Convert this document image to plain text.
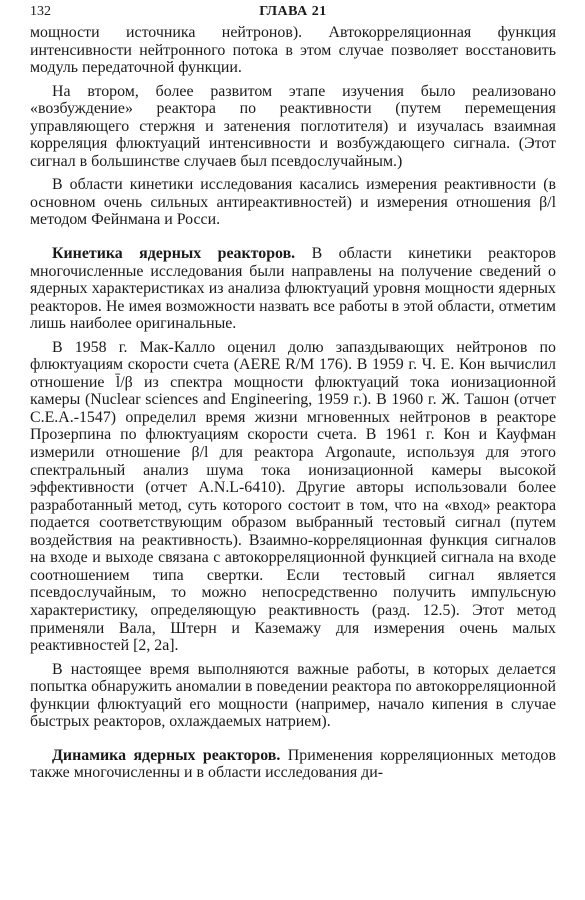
132	ГЛАВА 21

мощности источника нейтронов). Автокорреляционная функция интенсивности нейтронного потока в этом случае позволяет восстановить модуль передаточной функции.

На втором, более развитом этапе изучения было реализовано «возбуждение» реактора по реактивности (путем перемещения управляющего стержня и затенения поглотителя) и изучалась взаимная корреляция флюктуаций интенсивности и возбуждающего сигнала. (Этот сигнал в большинстве случаев был псевдослучайным.)

В области кинетики исследования касались измерения реактивности (в основном очень сильных антиреактивностей) и измерения отношения β/l методом Фейнмана и Росси.

Кинетика ядерных реакторов. В области кинетики реакторов многочисленные исследования были направлены на получение сведений о ядерных характеристиках из анализа флюктуаций уровня мощности ядерных реакторов. Не имея возможности назвать все работы в этой области, отметим лишь наиболее оригинальные.

В 1958 г. Мак-Калло оценил долю запаздывающих нейтронов по флюктуациям скорости счета (AERE R/M 176). В 1959 г. Ч. Е. Кон вычислил отношение l̄/β из спектра мощности флюктуаций тока ионизационной камеры (Nuclear sciences and Engineering, 1959 г.). В 1960 г. Ж. Ташон (отчет C.E.A.-1547) определил время жизни мгновенных нейтронов в реакторе Прозерпина по флюктуациям скорости счета. В 1961 г. Кон и Кауфман измерили отношение β/l для реактора Argonaute, используя для этого спектральный анализ шума тока ионизационной камеры высокой эффективности (отчет A.N.L-6410). Другие авторы использовали более разработанный метод, суть которого состоит в том, что на «вход» реактора подается соответствующим образом выбранный тестовый сигнал (путем воздействия на реактивность). Взаимно-корреляционная функция сигналов на входе и выходе связана с автокорреляционной функцией сигнала на входе соотношением типа свертки. Если тестовый сигнал является псевдослучайным, то можно непосредственно получить импульсную характеристику, определяющую реактивность (разд. 12.5). Этот метод применяли Вала, Штерн и Каземажу для измерения очень малых реактивностей [2, 2а].

В настоящее время выполняются важные работы, в которых делается попытка обнаружить аномалии в поведении реактора по автокорреляционной функции флюктуаций его мощности (например, начало кипения в случае быстрых реакторов, охлаждаемых натрием).

Динамика ядерных реакторов. Применения корреляционных методов также многочисленны и в области исследования ди-
